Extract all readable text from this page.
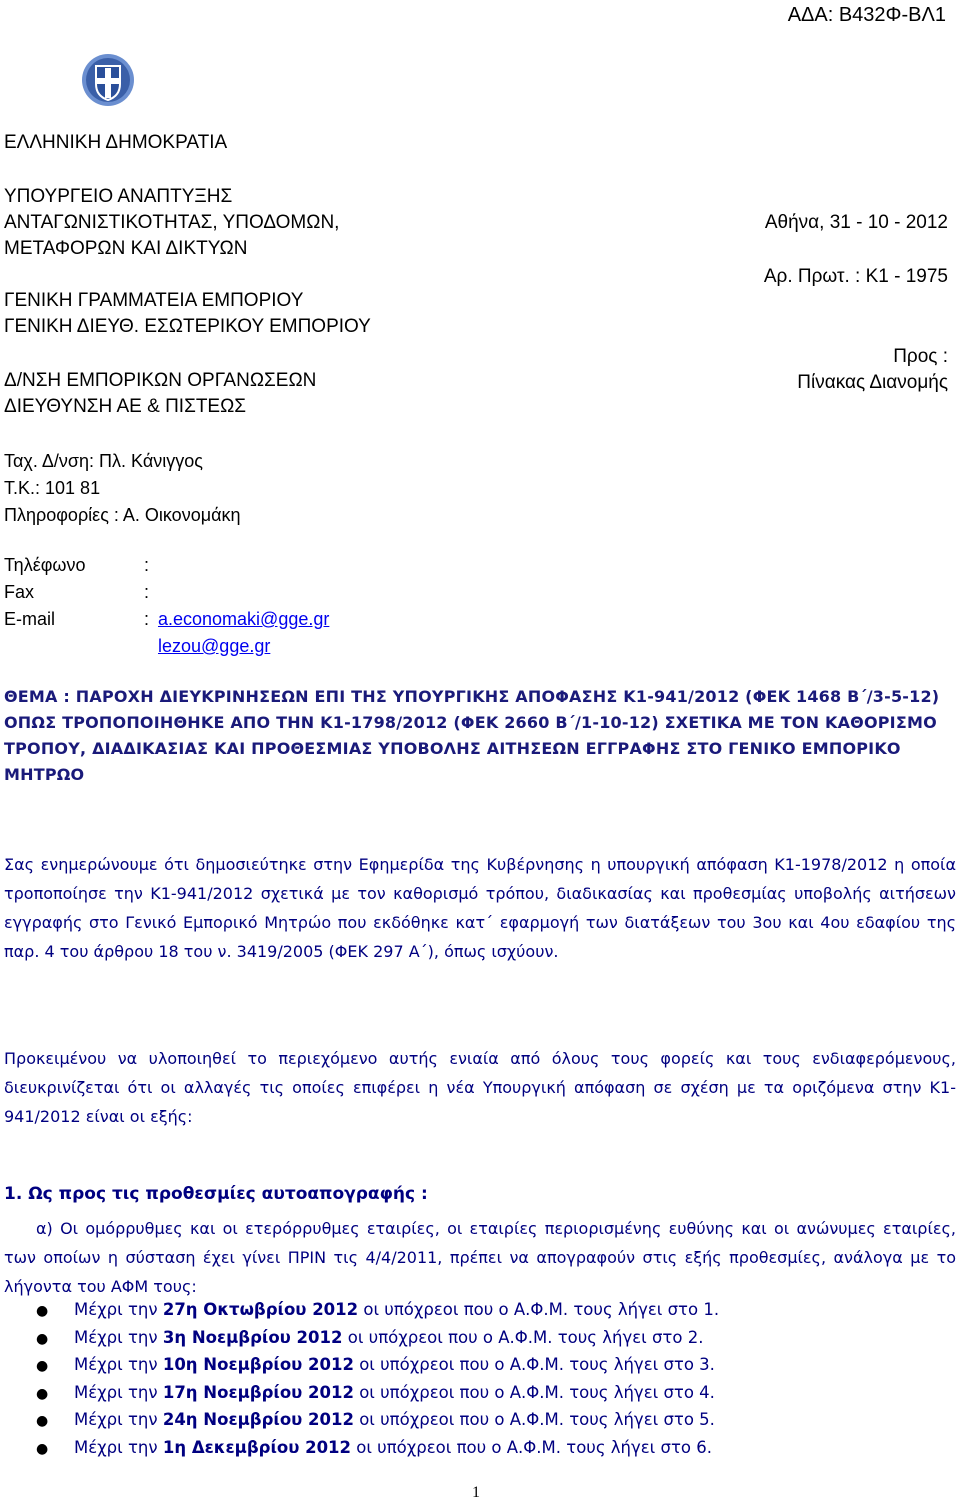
ΑΔΑ: Β432Φ-ΒΛ1
ΕΛΛΗΝΙΚΗ ΔΗΜΟΚΡΑΤΙΑ
ΥΠΟΥΡΓΕΙΟ ΑΝΑΠΤΥΞΗΣ
ΑΝΤΑΓΩΝΙΣΤΙΚΟΤΗΤΑΣ, ΥΠΟΔΟΜΩΝ,
ΜΕΤΑΦΟΡΩΝ ΚΑΙ ΔΙΚΤΥΩΝ
ΓΕΝΙΚΗ ΓΡΑΜΜΑΤΕΙΑ ΕΜΠΟΡΙΟΥ
ΓΕΝΙΚΗ ΔΙΕΥΘ. ΕΣΩΤΕΡΙΚΟΥ ΕΜΠΟΡΙΟΥ
Δ/ΝΣΗ ΕΜΠΟΡΙΚΩΝ ΟΡΓΑΝΩΣΕΩΝ
ΔΙΕΥΘΥΝΣΗ ΑΕ & ΠΙΣΤΕΩΣ
Αθήνα, 31 - 10 - 2012
Αρ. Πρωτ. : Κ1 - 1975
Προς :
Πίνακας Διανομής
Ταχ. Δ/νση: Πλ. Κάνιγγος
Τ.Κ.: 101 81
Πληροφορίες : Α. Οικονομάκη
Τηλέφωνο	:
Fax	:
E-mail	: a.economaki@gge.gr
lezou@gge.gr
ΘΕΜΑ : ΠΑΡΟΧΗ ΔΙΕΥΚΡΙΝΗΣΕΩΝ ΕΠΙ ΤΗΣ ΥΠΟΥΡΓΙΚΗΣ ΑΠΟΦΑΣΗΣ Κ1-941/2012 (ΦΕΚ 1468 Β΄/3-5-12) ΟΠΩΣ ΤΡΟΠΟΠΟΙΗΘΗΚΕ ΑΠΟ ΤΗΝ Κ1-1798/2012 (ΦΕΚ 2660 Β΄/1-10-12) ΣΧΕΤΙΚΑ ΜΕ ΤΟΝ ΚΑΘΟΡΙΣΜΟ ΤΡΟΠΟΥ, ΔΙΑΔΙΚΑΣΙΑΣ ΚΑΙ ΠΡΟΘΕΣΜΙΑΣ ΥΠΟΒΟΛΗΣ ΑΙΤΗΣΕΩΝ ΕΓΓΡΑΦΗΣ ΣΤΟ ΓΕΝΙΚΟ ΕΜΠΟΡΙΚΟ ΜΗΤΡΩΟ
Σας ενημερώνουμε ότι δημοσιεύτηκε στην Εφημερίδα της Κυβέρνησης η υπουργική απόφαση Κ1-1978/2012 η οποία τροποποίησε την Κ1-941/2012 σχετικά με τον καθορισμό τρόπου, διαδικασίας και προθεσμίας υποβολής αιτήσεων εγγραφής στο Γενικό Εμπορικό Μητρώο που εκδόθηκε κατ΄ εφαρμογή των διατάξεων του 3ου και 4ου εδαφίου της παρ. 4 του άρθρου 18 του ν. 3419/2005 (ΦΕΚ 297 Α΄), όπως ισχύουν.
Προκειμένου να υλοποιηθεί το περιεχόμενο αυτής ενιαία από όλους τους φορείς και τους ενδιαφερόμενους, διευκρινίζεται ότι οι αλλαγές τις οποίες επιφέρει η νέα Υπουργική απόφαση σε σχέση με τα οριζόμενα στην Κ1-941/2012 είναι οι εξής:
1. Ως προς τις προθεσμίες αυτοαπογραφής :
α) Οι ομόρρυθμες και οι ετερόρρυθμες εταιρίες, οι εταιρίες περιορισμένης ευθύνης και οι ανώνυμες εταιρίες, των οποίων η σύσταση έχει γίνει ΠΡΙΝ τις 4/4/2011, πρέπει να απογραφούν στις εξής προθεσμίες, ανάλογα με το λήγοντα του ΑΦΜ τους:
● Μέχρι την 27η Οκτωβρίου 2012 οι υπόχρεοι που ο Α.Φ.Μ. τους λήγει στο 1.
● Μέχρι την 3η Νοεμβρίου 2012 οι υπόχρεοι που ο Α.Φ.Μ. τους λήγει στο 2.
● Μέχρι την 10η Νοεμβρίου 2012 οι υπόχρεοι που ο Α.Φ.Μ. τους λήγει στο 3.
● Μέχρι την 17η Νοεμβρίου 2012 οι υπόχρεοι που ο Α.Φ.Μ. τους λήγει στο 4.
● Μέχρι την 24η Νοεμβρίου 2012 οι υπόχρεοι που ο Α.Φ.Μ. τους λήγει στο 5.
● Μέχρι την 1η Δεκεμβρίου 2012 οι υπόχρεοι που ο Α.Φ.Μ. τους λήγει στο 6.
1
